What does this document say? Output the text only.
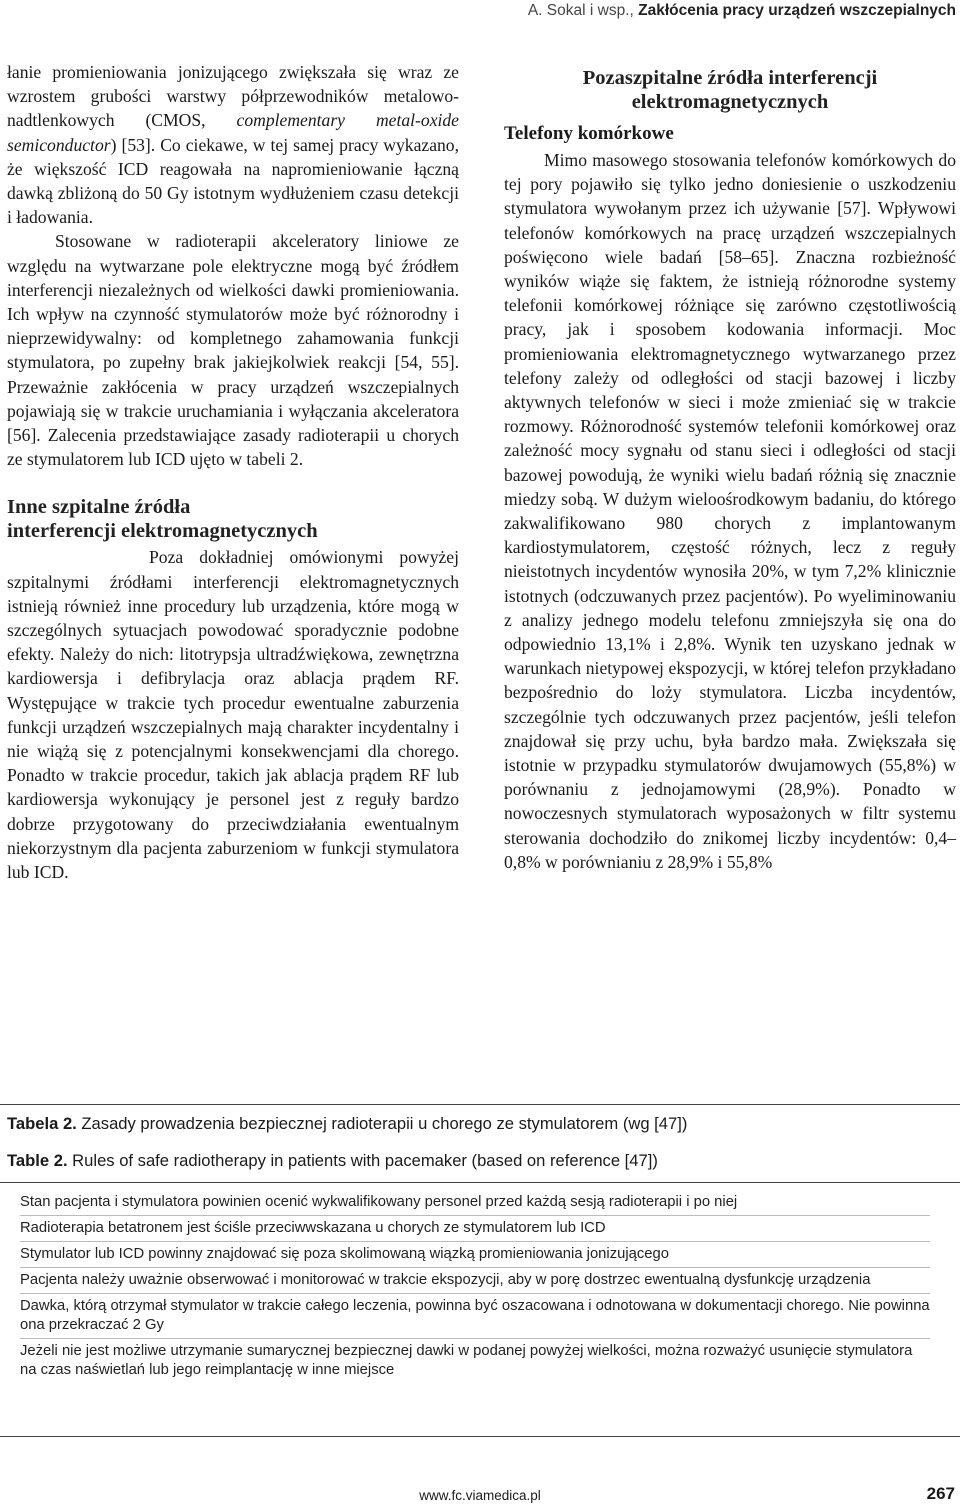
A. Sokal i wsp., Zakłócenia pracy urządzeń wszczepialnych

łanie promieniowania jonizującego zwiększała się wraz ze wzrostem grubości warstwy półprzewodników metalowo-nadtlenkowych (CMOS, complementary metal-oxide semiconductor) [53]. Co ciekawe, w tej samej pracy wykazano, że większość ICD reagowała na napromieniowanie łączną dawką zbliżoną do 50 Gy istotnym wydłużeniem czasu detekcji i ładowania.

Stosowane w radioterapii akceleratory liniowe ze względu na wytwarzane pole elektryczne mogą być źródłem interferencji niezależnych od wielkości dawki promieniowania. Ich wpływ na czynność stymulatorów może być różnorodny i nieprzewidywalny: od kompletnego zahamowania funkcji stymulatora, po zupełny brak jakiejkolwiek reakcji [54, 55]. Przeważnie zakłócenia w pracy urządzeń wszczepialnych pojawiają się w trakcie uruchamiania i wyłączania akceleratora [56]. Zalecenia przedstawiające zasady radioterapii u chorych ze stymulatorem lub ICD ujęto w tabeli 2.

Inne szpitalne źródła
interferencji elektromagnetycznych

Poza dokładniej omówionymi powyżej szpitalnymi źródłami interferencji elektromagnetycznych istnieją również inne procedury lub urządzenia, które mogą w szczególnych sytuacjach powodować sporadycznie podobne efekty. Należy do nich: litotrypsja ultradźwiękowa, zewnętrzna kardiowersja i defibrylacja oraz ablacja prądem RF. Występujące w trakcie tych procedur ewentualne zaburzenia funkcji urządzeń wszczepialnych mają charakter incydentalny i nie wiążą się z potencjalnymi konsekwencjami dla chorego. Ponadto w trakcie procedur, takich jak ablacja prądem RF lub kardiowersja wykonujący je personel jest z reguły bardzo dobrze przygotowany do przeciwdziałania ewentualnym niekorzystnym dla pacjenta zaburzeniom w funkcji stymulatora lub ICD.

Pozaszpitalne źródła interferencji
elektromagnetycznych
Telefony komórkowe

Mimo masowego stosowania telefonów komórkowych do tej pory pojawiło się tylko jedno doniesienie o uszkodzeniu stymulatora wywołanym przez ich używanie [57]. Wpływowi telefonów komórkowych na pracę urządzeń wszczepialnych poświęcono wiele badań [58–65]. Znaczna rozbieżność wyników wiąże się faktem, że istnieją różnorodne systemy telefonii komórkowej różniące się zarówno częstotliwością pracy, jak i sposobem kodowania informacji. Moc promieniowania elektromagnetycznego wytwarzanego przez telefony zależy od odległości od stacji bazowej i liczby aktywnych telefonów w sieci i może zmieniać się w trakcie rozmowy. Różnorodność systemów telefonii komórkowej oraz zależność mocy sygnału od stanu sieci i odległości od stacji bazowej powodują, że wyniki wielu badań różnią się znacznie miedzy sobą. W dużym wieloośrodkowym badaniu, do którego zakwalifikowano 980 chorych z implantowanym kardiostymulatorem, częstość różnych, lecz z reguły nieistotnych incydentów wynosiła 20%, w tym 7,2% klinicznie istotnych (odczuwanych przez pacjentów). Po wyeliminowaniu z analizy jednego modelu telefonu zmniejszyła się ona do odpowiednio 13,1% i 2,8%. Wynik ten uzyskano jednak w warunkach nietypowej ekspozycji, w której telefon przykładano bezpośrednio do loży stymulatora. Liczba incydentów, szczególnie tych odczuwanych przez pacjentów, jeśli telefon znajdował się przy uchu, była bardzo mała. Zwiększała się istotnie w przypadku stymulatorów dwujamowych (55,8%) w porównaniu z jednojamowymi (28,9%). Ponadto w nowoczesnych stymulatorach wyposażonych w filtr systemu sterowania dochodziło do znikomej liczby incydentów: 0,4–0,8% w porównianiu z 28,9% i 55,8%

Tabela 2. Zasady prowadzenia bezpiecznej radioterapii u chorego ze stymulatorem (wg [47])
Table 2. Rules of safe radiotherapy in patients with pacemaker (based on reference [47])
Stan pacjenta i stymulatora powinien ocenić wykwalifikowany personel przed każdą sesją radioterapii i po niej
Radioterapia betatronem jest ściśle przeciwwskazana u chorych ze stymulatorem lub ICD
Stymulator lub ICD powinny znajdować się poza skolimowaną wiązką promieniowania jonizującego
Pacjenta należy uważnie obserwować i monitorować w trakcie ekspozycji, aby w porę dostrzec ewentualną dysfunkcję urządzenia
Dawka, którą otrzymał stymulator w trakcie całego leczenia, powinna być oszacowana i odnotowana w dokumentacji chorego. Nie powinna ona przekraczać 2 Gy
Jeżeli nie jest możliwe utrzymanie sumarycznej bezpiecznej dawki w podanej powyżej wielkości, można rozważyć usunięcie stymulatora na czas naświetlań lub jego reimplantację w inne miejsce
www.fc.viamedica.pl	267
